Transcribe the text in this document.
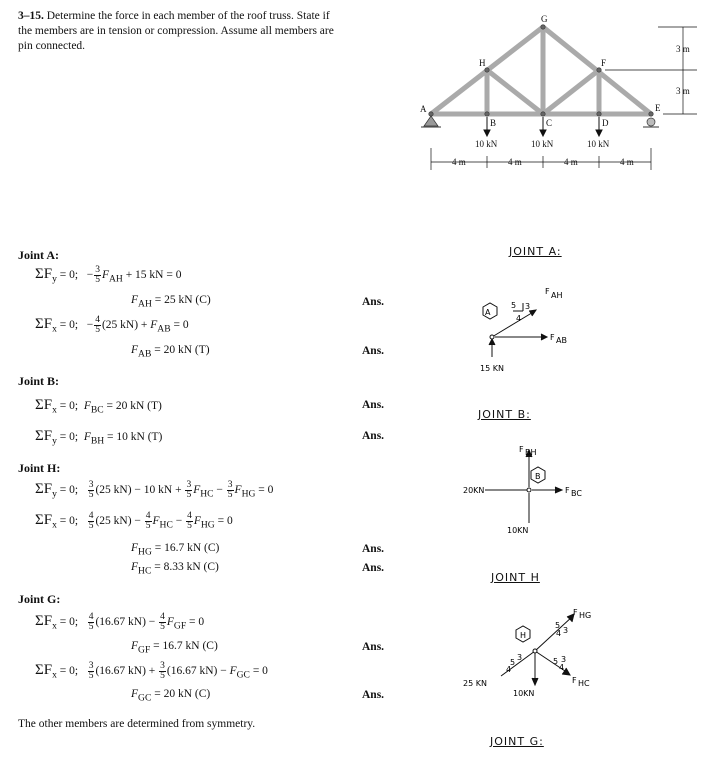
3–15. Determine the force in each member of the roof truss. State if the members are in tension or compression. Assume all members are pin connected.
G
H	F
A	E
B	C	D
10 kN	10 kN	10 kN
4 m	4 m	4 m	4 m
3 m
3 m
Joint A:
$\Sigma F_y = 0$; − $\frac{3}{5} F_{AH} + 15$ kN = 0
$F_{AH} = 25$ kN (C)
$\Sigma F_x = 0$; − $\frac{4}{5} (25$ $kN) + F_{AB} = 0$
$F_{AB} = 20$ kN (T)
Ans.
Ans.
Joint B:
$\Sigma F_x = 0$; $F_{BC} = 20$ kN (T)
$\Sigma F_y = 0$; $F_{BH} = 10$ kN (T)
Ans.
Ans.
Joint H:
$\Sigma F_y = 0$; $\frac{3}{5} (25$ kN) − 10 kN + $\frac{3}{5} F_{HC} - \frac{3}{5} F_{HG} = 0$
$\Sigma F_x = 0$; $\frac{4}{5} (25$ $kN) - \frac{4}{5} F_{HC} - \frac{4}{5} F_{HG} = 0$
$F_{HG} = 16.7$ kN (C)
$F_{HC} = 8.33$ kN (C)
Ans.
Ans.
Joint G:
$\Sigma F_x = 0$; $\frac{4}{5} (16.67$ $kN) - \frac{4}{5} F_{GF} = 0$
$F_{GF} = 16.7$ kN (C)
$\Sigma F_x = 0$; $\frac{3}{5} (16.67$ $kN) + \frac{3}{5} (16.67$ $kN) - F_{GC} = 0$
$F_{GC} = 20$ kN (C)
Ans.
Ans.
The other members are determined from symmetry.
JOINT A:
A
F AH
F AB
5 3
4
15 KN
JOINT B:
B
F BH
F BC
20KN
10KN
JOINT H
H
F HG
F HC
25 KN
10KN
5
3
4
5 3
4
5
3
4
JOINT G:
